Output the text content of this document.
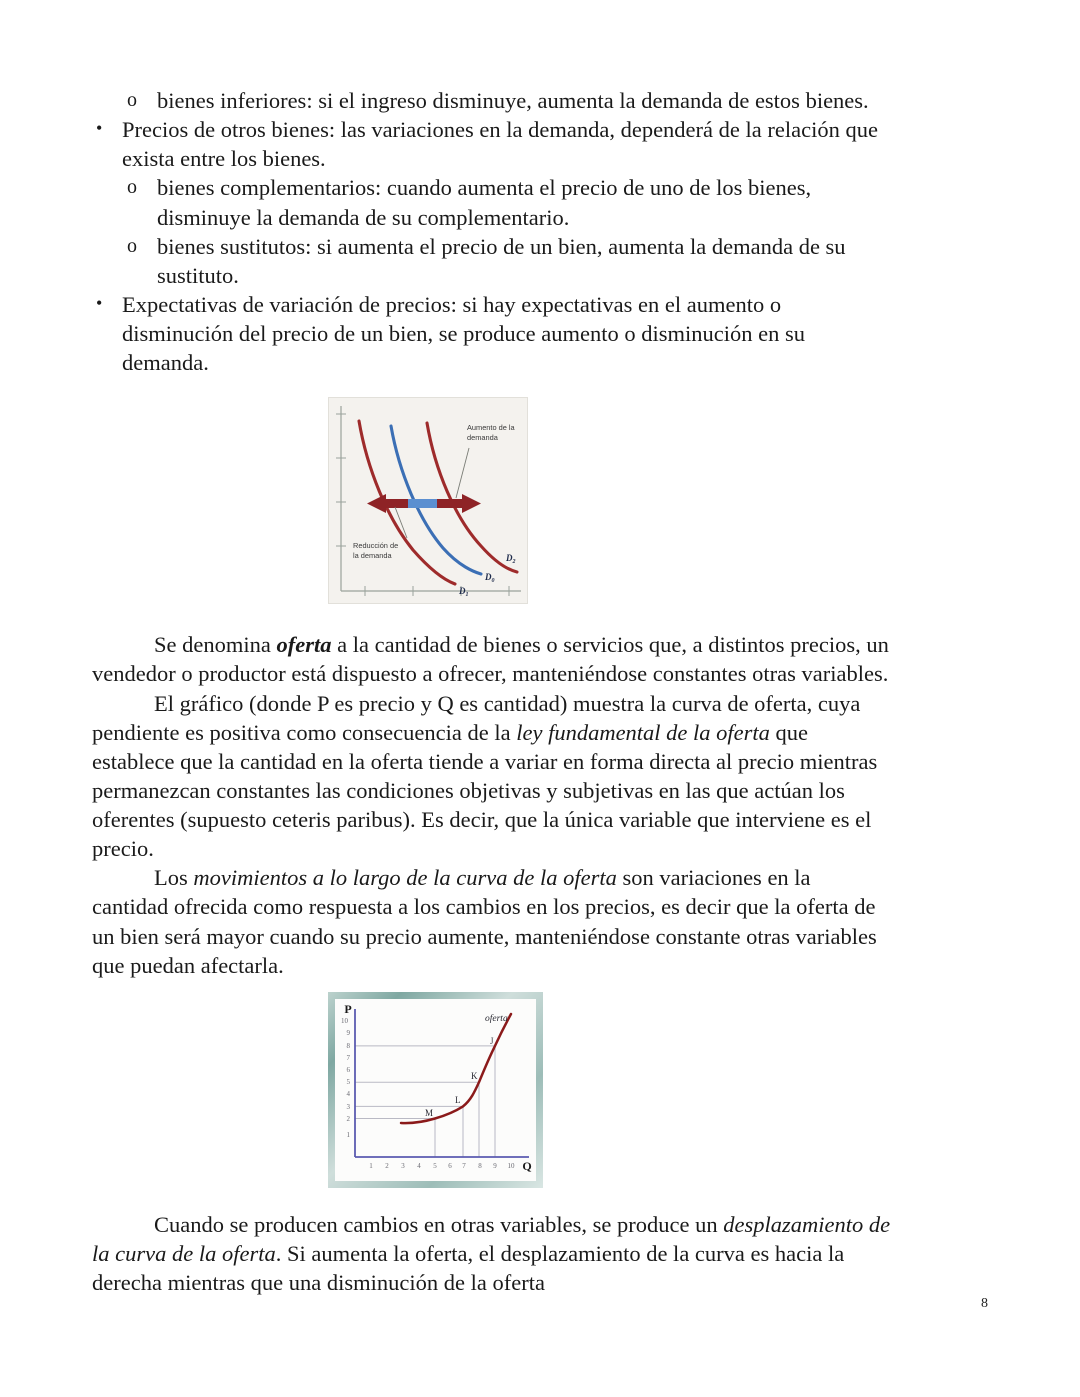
o bienes inferiores: si el ingreso disminuye, aumenta la demanda de estos bienes.
• Precios de otros bienes: las variaciones en la demanda, dependerá de la relación que exista entre los bienes.
o bienes complementarios: cuando aumenta el precio de uno de los bienes, disminuye la demanda de su complementario.
o bienes sustitutos: si aumenta el precio de un bien, aumenta la demanda de su sustituto.
• Expectativas de variación de precios: si hay expectativas en el aumento o disminución del precio de un bien, se produce aumento o disminución en su demanda.
Aumento de la
demanda
Reducción de
la demanda	$D_2$
$D_0$
$D_1$

Se denomina oferta a la cantidad de bienes o servicios que, a distintos precios, un vendedor o productor está dispuesto a ofrecer, manteniéndose constantes otras variables.

El gráfico (donde P es precio y Q es cantidad) muestra la curva de oferta, cuya pendiente es positiva como consecuencia de la ley fundamental de la oferta que establece que la cantidad en la oferta tiende a variar en forma directa al precio mientras permanezcan constantes las condiciones objetivas y subjetivas en las que actúan los oferentes (supuesto ceteris paribus). Es decir, que la única variable que interviene es el precio.

Los movimientos a lo largo de la curva de la oferta son variaciones en la cantidad ofrecida como respuesta a los cambios en los precios, es decir que la oferta de un bien será mayor cuando su precio aumente, manteniéndose constante otras variables que puedan afectarla.

10
9
8
7
6
5
4
3
2
1
1 2 3 4 5 6 7 8 9 10
P
Q
oferta
J
K
L
M

Cuando se producen cambios en otras variables, se produce un desplazamiento de la curva de la oferta. Si aumenta la oferta, el desplazamiento de la curva es hacia la derecha mientras que una disminución de la oferta

8
